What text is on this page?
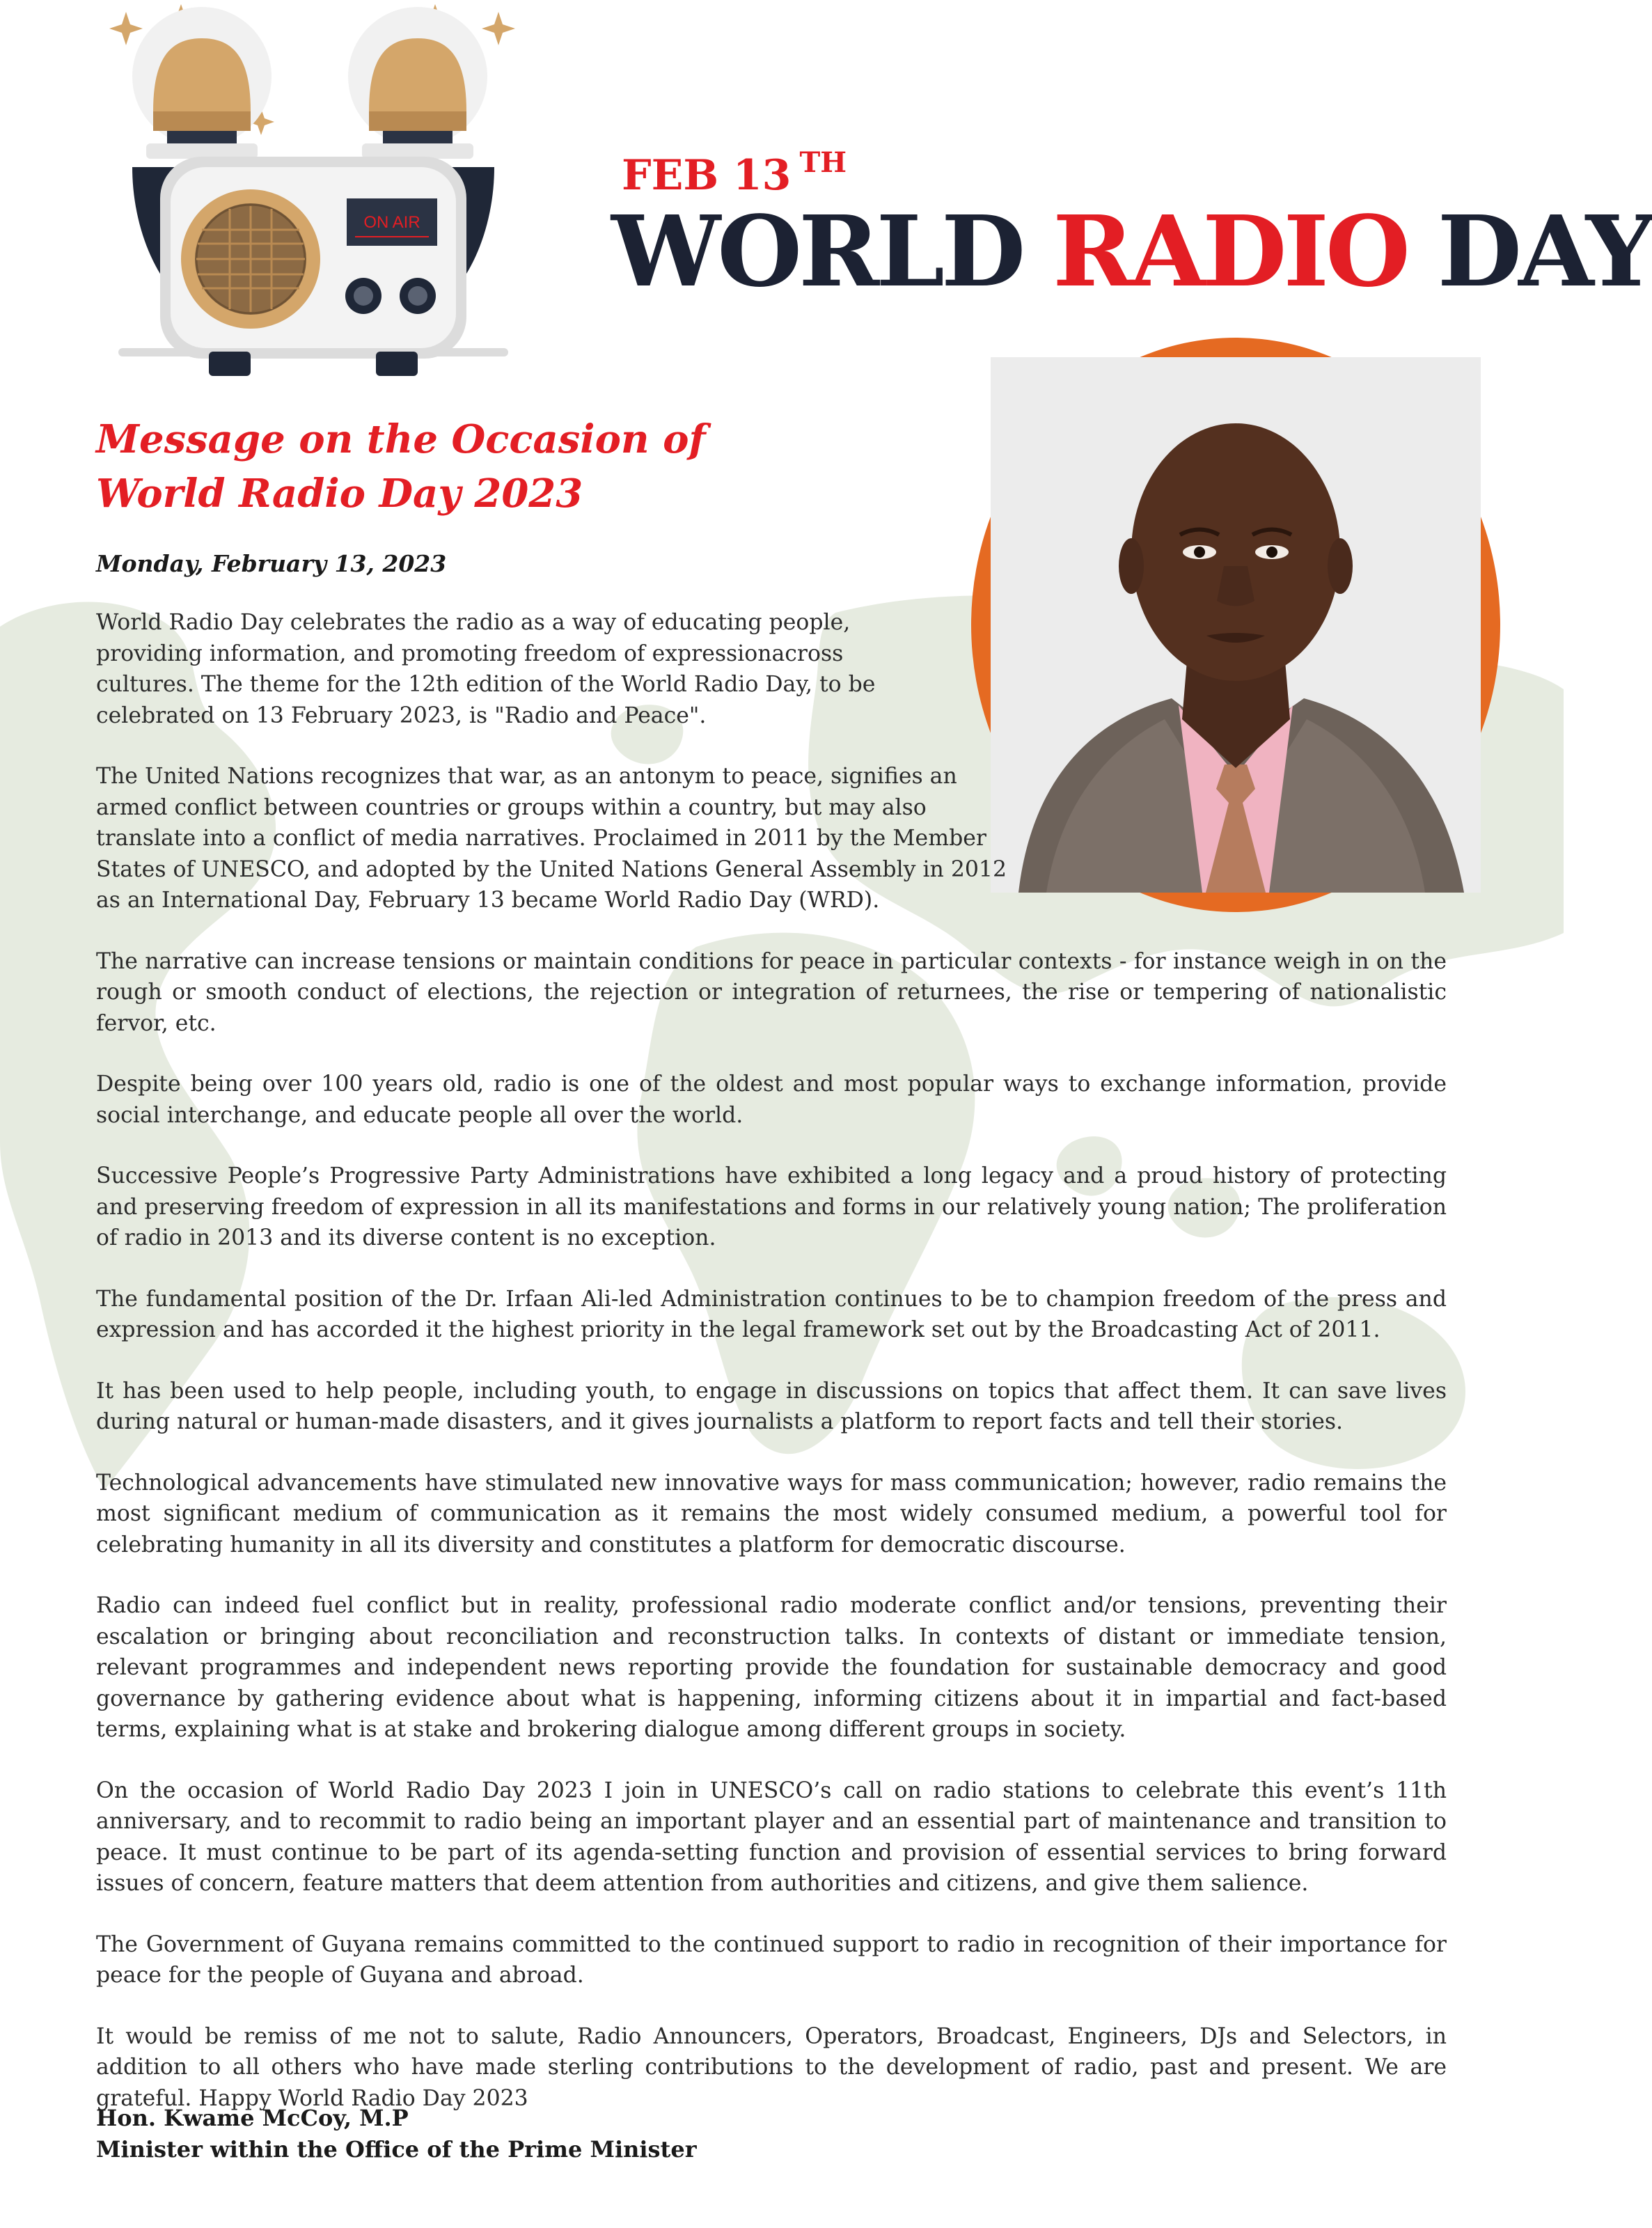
ON AIR
FEB 13 $^{TH}$
WORLD RADIO DAY
Message on the Occasion of
World Radio Day 2023
Monday, February 13, 2023

World Radio Day celebrates the radio as a way of educating people, providing information, and promoting freedom of expressionacross cultures. The theme for the 12th edition of the World Radio Day, to be celebrated on 13 February 2023, is "Radio and Peace".

The United Nations recognizes that war, as an antonym to peace, signifies an armed conflict between countries or groups within a country, but may also translate into a conflict of media narratives. Proclaimed in 2011 by the Member States of UNESCO, and adopted by the United Nations General Assembly in 2012 as an International Day, February 13 became World Radio Day (WRD).

The narrative can increase tensions or maintain conditions for peace in particular contexts - for instance weigh in on the rough or smooth conduct of elections, the rejection or integration of returnees, the rise or tempering of nationalistic fervor, etc.

Despite being over 100 years old, radio is one of the oldest and most popular ways to exchange information, provide social interchange, and educate people all over the world.

Successive People’s Progressive Party Administrations have exhibited a long legacy and a proud history of protecting and preserving freedom of expression in all its manifestations and forms in our relatively young nation; The proliferation of radio in 2013 and its diverse content is no exception.

The fundamental position of the Dr. Irfaan Ali-led Administration continues to be to champion freedom of the press and expression and has accorded it the highest priority in the legal framework set out by the Broadcasting Act of 2011.

It has been used to help people, including youth, to engage in discussions on topics that affect them. It can save lives during natural or human-made disasters, and it gives journalists a platform to report facts and tell their stories.

Technological advancements have stimulated new innovative ways for mass communication; however, radio remains the most significant medium of communication as it remains the most widely consumed medium, a powerful tool for celebrating humanity in all its diversity and constitutes a platform for democratic discourse.

Radio can indeed fuel conflict but in reality, professional radio moderate conflict and/or tensions, preventing their escalation or bringing about reconciliation and reconstruction talks. In contexts of distant or immediate tension, relevant programmes and independent news reporting provide the foundation for sustainable democracy and good governance by gathering evidence about what is happening, informing citizens about it in impartial and fact-based terms, explaining what is at stake and brokering dialogue among different groups in society.

On the occasion of World Radio Day 2023 I join in UNESCO’s call on radio stations to celebrate this event’s 11th anniversary, and to recommit to radio being an important player and an essential part of maintenance and transition to peace. It must continue to be part of its agenda-setting function and provision of essential services to bring forward issues of concern, feature matters that deem attention from authorities and citizens, and give them salience.

The Government of Guyana remains committed to the continued support to radio in recognition of their importance for peace for the people of Guyana and abroad.

It would be remiss of me not to salute, Radio Announcers, Operators, Broadcast, Engineers, DJs and Selectors, in addition to all others who have made sterling contributions to the development of radio, past and present. We are grateful. Happy World Radio Day 2023

Hon. Kwame McCoy, M.P
Minister within the Office of the Prime Minister
